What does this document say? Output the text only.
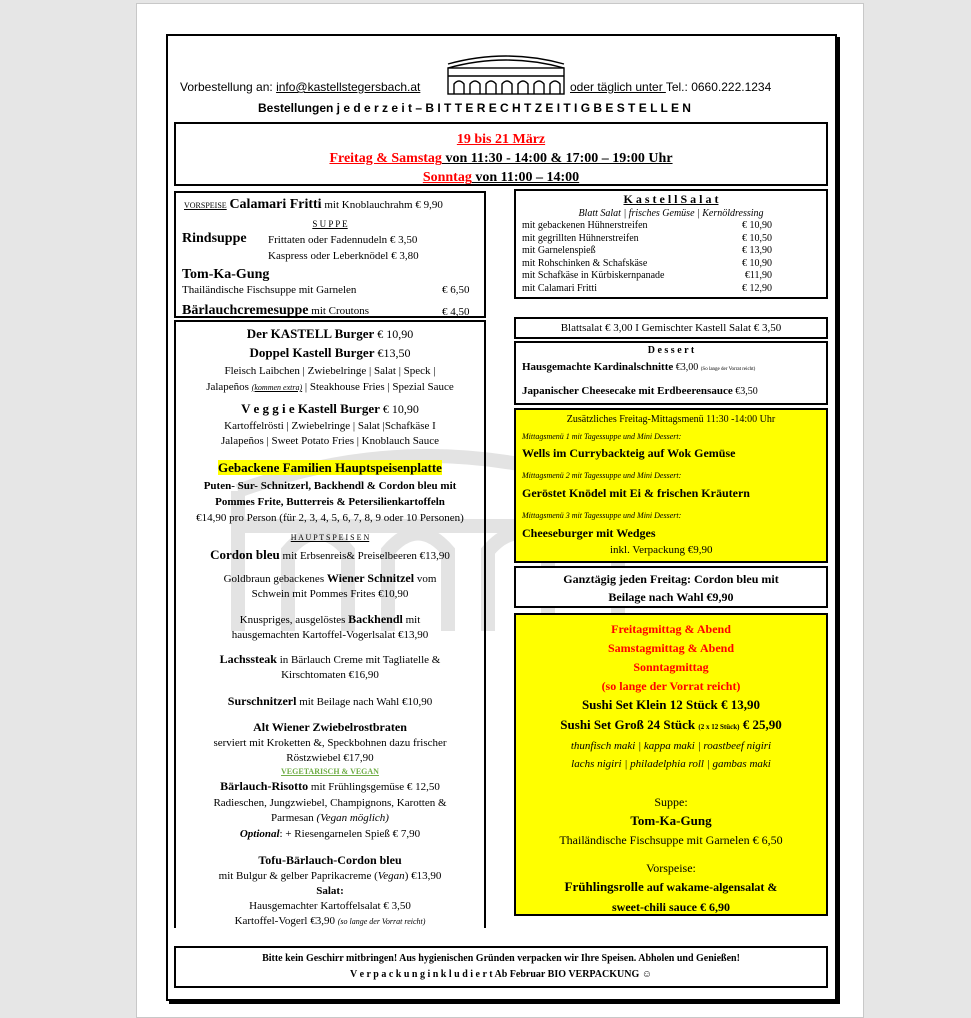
Vorbestellung an: info@kastellstegersbach.at	oder täglich unter Tel.: 0660.222.1234
Bestellungen j e d e r z e i t – B I T T E R E C H T Z E I T I G B E S T E L L E N
19 bis 21 März
Freitag & Samstag von 11:30 - 14:00 & 17:00 – 19:00 Uhr
Sonntag von 11:00 – 14:00
VORSPEISE Calamari Fritti mit Knoblauchrahm € 9,90
S U P P E
Rindsuppe Frittaten oder Fadennudeln € 3,50
Kaspress oder Leberknödel € 3,80
Tom-Ka-Gung
Thailändische Fischsuppe mit Garnelen	€ 6,50
Bärlauchcremesuppe mit Croutons	€ 4,50
K a s t e l l S a l a t
Blatt Salat | frisches Gemüse | Kernöldressing
mit gebackenen Hühnerstreifen	€ 10,90
mit gegrillten Hühnerstreifen	€ 10,50
mit Garnelenspieß	€ 13,90
mit Rohschinken & Schafskäse	€ 10,90
mit Schafkäse in Kürbiskernpanade	€11,90
mit Calamari Fritti	€ 12,90
Blattsalat € 3,00 I Gemischter Kastell Salat € 3,50
D e s s e r t
Hausgemachte Kardinalschnitte €3,00 (So lange der Vorrat reicht)
Japanischer Cheesecake mit Erdbeerensauce €3,50
Zusätzliches Freitag-Mittagsmenü 11:30 -14:00 Uhr
Mittagsmenü 1 mit Tagessuppe und Mini Dessert:
Wells im Currybackteig auf Wok Gemüse
Mittagsmenü 2 mit Tagessuppe und Mini Dessert:
Geröstet Knödel mit Ei & frischen Kräutern
Mittagsmenü 3 mit Tagessuppe und Mini Dessert:
Cheeseburger mit Wedges
inkl. Verpackung €9,90
Ganztägig jeden Freitag: Cordon bleu mit
Beilage nach Wahl €9,90
Freitagmittag & Abend
Samstagmittag & Abend
Sonntagmittag
(so lange der Vorrat reicht)
Sushi Set Klein 12 Stück € 13,90
Sushi Set Groß 24 Stück (2 x 12 Stück) € 25,90
thunfisch maki | kappa maki | roastbeef nigiri
lachs nigiri | philadelphia roll | gambas maki
Suppe:
Tom-Ka-Gung
Thailändische Fischsuppe mit Garnelen € 6,50
Vorspeise:
Frühlingsrolle auf wakame-algensalat &
sweet-chili sauce € 6,90
Der KASTELL Burger € 10,90
Doppel Kastell Burger €13,50
Fleisch Laibchen | Zwiebelringe | Salat | Speck |
Jalapeños (kommen extra) | Steakhouse Fries | Spezial Sauce
V e g g i e Kastell Burger € 10,90
Kartoffelrösti | Zwiebelringe | Salat |Schafkäse I
Jalapeños | Sweet Potato Fries | Knoblauch Sauce
Gebackene Familien Hauptspeisenplatte
Puten- Sur- Schnitzerl, Backhendl & Cordon bleu mit
Pommes Frite, Butterreis & Petersilienkartoffeln
€14,90 pro Person (für 2, 3, 4, 5, 6, 7, 8, 9 oder 10 Personen)
H A U P T S P E I S E N
Cordon bleu mit Erbsenreis& Preiselbeeren €13,90
Goldbraun gebackenes Wiener Schnitzel vom
Schwein mit Pommes Frites €10,90
Knuspriges, ausgelöstes Backhendl mit
hausgemachten Kartoffel-Vogerlsalat €13,90
Lachssteak in Bärlauch Creme mit Tagliatelle &
Kirschtomaten €16,90
Surschnitzerl mit Beilage nach Wahl €10,90
Alt Wiener Zwiebelrostbraten
serviert mit Kroketten &, Speckbohnen dazu frischer
Röstzwiebel €17,90
VEGETARISCH & VEGAN
Bärlauch-Risotto mit Frühlingsgemüse € 12,50
Radieschen, Jungzwiebel, Champignons, Karotten &
Parmesan (Vegan möglich)
Optional: + Riesengarnelen Spieß € 7,90
Tofu-Bärlauch-Cordon bleu
mit Bulgur & gelber Paprikacreme (Vegan) €13,90
Salat:
Hausgemachter Kartoffelsalat € 3,50
Kartoffel-Vogerl €3,90 (so lange der Vorrat reicht)
Bitte kein Geschirr mitbringen! Aus hygienischen Gründen verpacken wir Ihre Speisen. Abholen und Genießen!
V e r p a c k u n g i n k l u d i e r t Ab Februar BIO VERPACKUNG ☺
